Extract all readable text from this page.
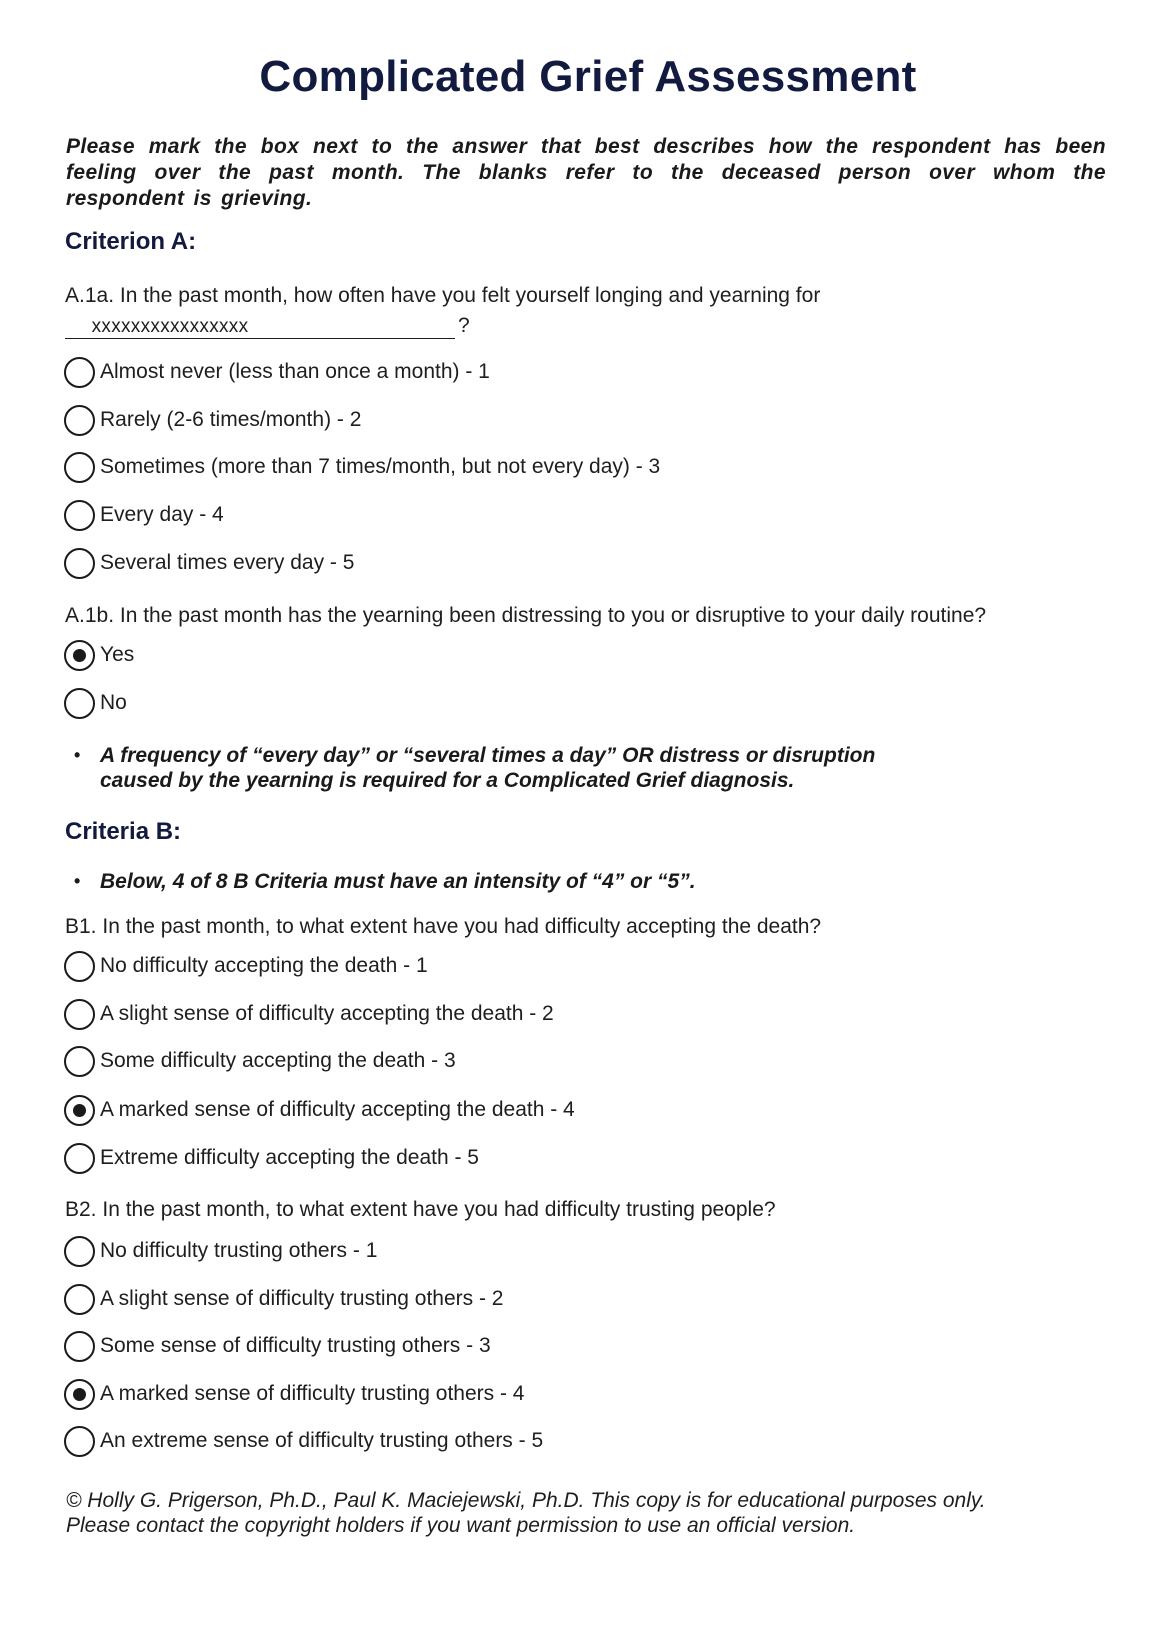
Complicated Grief Assessment

Please mark the box next to the answer that best describes how the respondent has been feeling over the past month. The blanks refer to the deceased person over whom the respondent is grieving.

Criterion A:

A.1a. In the past month, how often have you felt yourself longing and yearning for

xxxxxxxxxxxxxxxx	?
Almost never (less than once a month) - 1
Rarely (2-6 times/month) - 2
Sometimes (more than 7 times/month, but not every day) - 3
Every day - 4
Several times every day - 5

A.1b. In the past month has the yearning been distressing to you or disruptive to your daily routine?

Yes
No
• A frequency of “every day” or “several times a day” OR distress or disruption
caused by the yearning is required for a Complicated Grief diagnosis.
Criteria B:
• Below, 4 of 8 B Criteria must have an intensity of “4” or “5”.

B1. In the past month, to what extent have you had difficulty accepting the death?

No difficulty accepting the death - 1
A slight sense of difficulty accepting the death - 2
Some difficulty accepting the death - 3
A marked sense of difficulty accepting the death - 4
Extreme difficulty accepting the death - 5

B2. In the past month, to what extent have you had difficulty trusting people?

No difficulty trusting others - 1
A slight sense of difficulty trusting others - 2
Some sense of difficulty trusting others - 3
A marked sense of difficulty trusting others - 4
An extreme sense of difficulty trusting others - 5
© Holly G. Prigerson, Ph.D., Paul K. Maciejewski, Ph.D. This copy is for educational purposes only.
Please contact the copyright holders if you want permission to use an official version.
